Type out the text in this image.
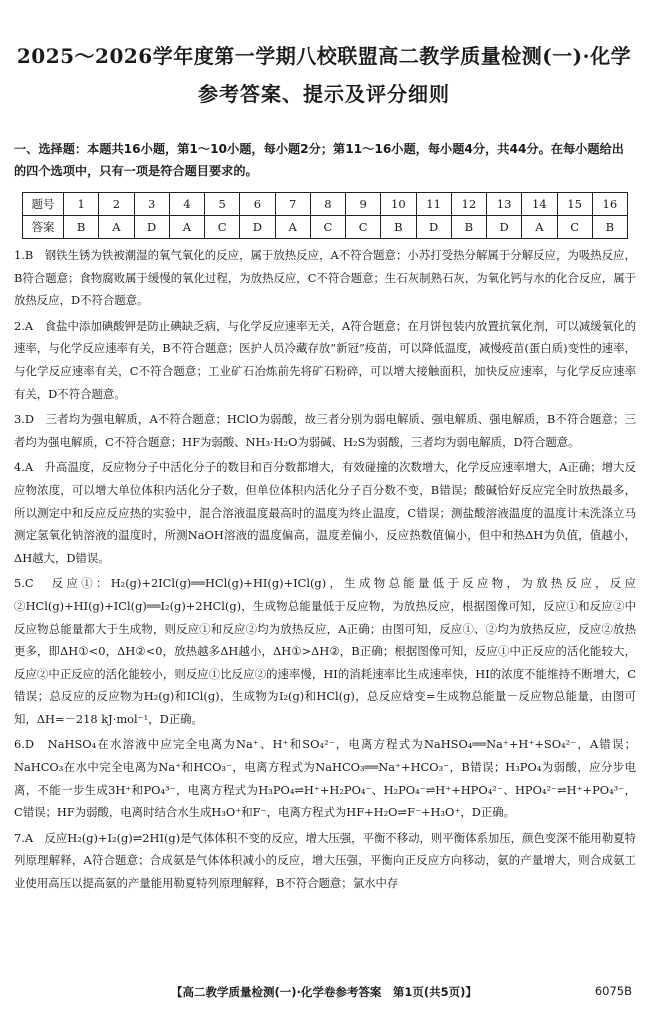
2025～2026学年度第一学期八校联盟高二教学质量检测(一)·化学
参考答案、提示及评分细则
一、选择题：本题共16小题，第1～10小题，每小题2分；第11～16小题，每小题4分，共44分。在每小题给出的四个选项中，只有一项是符合题目要求的。
题号	1	2	3	4	5	6	7	8	9	10	11	12	13	14	15	16
答案	B	A	D	A	C	D	A	C	C	B	D	B	D	A	C	B

1.B　钢铁生锈为铁被潮湿的氧气氧化的反应，属于放热反应，A不符合题意；小苏打受热分解属于分解反应，为吸热反应，B符合题意；食物腐败属于缓慢的氧化过程，为放热反应，C不符合题意；生石灰制熟石灰，为氧化钙与水的化合反应，属于放热反应，D不符合题意。

2.A　食盐中添加碘酸钾是防止碘缺乏病，与化学反应速率无关，A符合题意；在月饼包装内放置抗氧化剂，可以减缓氧化的速率，与化学反应速率有关，B不符合题意；医护人员冷藏存放“新冠”疫苗，可以降低温度，减慢疫苗(蛋白质)变性的速率，与化学反应速率有关，C不符合题意；工业矿石冶炼前先将矿石粉碎，可以增大接触面积，加快反应速率，与化学反应速率有关，D不符合题意。

3.D　三者均为强电解质，A不符合题意；HClO为弱酸，故三者分别为弱电解质、强电解质、强电解质，B不符合题意；三者均为强电解质，C不符合题意；HF为弱酸、NH₃·H₂O为弱碱、H₂S为弱酸，三者均为弱电解质，D符合题意。

4.A　升高温度，反应物分子中活化分子的数目和百分数都增大，有效碰撞的次数增大，化学反应速率增大，A正确；增大反应物浓度，可以增大单位体积内活化分子数，但单位体积内活化分子百分数不变，B错误；酸碱恰好反应完全时放热最多，所以测定中和反应反应热的实验中，混合溶液温度最高时的温度为终止温度，C错误；测盐酸溶液温度的温度计未洗涤立马测定氢氧化钠溶液的温度时，所测NaOH溶液的温度偏高，温度差偏小，反应热数值偏小，但中和热ΔH为负值，值越小，ΔH越大，D错误。

5.C　反应①：H₂(g)+2ICl(g)══HCl(g)+HI(g)+ICl(g)，生成物总能量低于反应物，为放热反应，反应②HCl(g)+HI(g)+ICl(g)══I₂(g)+2HCl(g)，生成物总能量低于反应物，为放热反应，根据图像可知，反应①和反应②中反应物总能量都大于生成物，则反应①和反应②均为放热反应，A正确；由图可知，反应①、②均为放热反应，反应②放热更多，即ΔH①<0，ΔH②<0，放热越多ΔH越小，ΔH①>ΔH②，B正确；根据图像可知，反应①中正反应的活化能较大，反应②中正反应的活化能较小，则反应①比反应②的速率慢，HI的消耗速率比生成速率快，HI的浓度不能维持不断增大，C错误；总反应的反应物为H₂(g)和ICl(g)，生成物为I₂(g)和HCl(g)，总反应焓变=生成物总能量－反应物总能量，由图可知，ΔH=－218 kJ·mol⁻¹，D正确。

6.D　NaHSO₄在水溶液中应完全电离为Na⁺、H⁺和SO₄²⁻，电离方程式为NaHSO₄══Na⁺+H⁺+SO₄²⁻，A错误；NaHCO₃在水中完全电离为Na⁺和HCO₃⁻，电离方程式为NaHCO₃══Na⁺+HCO₃⁻，B错误；H₃PO₄为弱酸，应分步电离，不能一步生成3H⁺和PO₄³⁻，电离方程式为H₃PO₄⇌H⁺+H₂PO₄⁻、H₂PO₄⁻⇌H⁺+HPO₄²⁻、HPO₄²⁻⇌H⁺+PO₄³⁻，C错误；HF为弱酸，电离时结合水生成H₃O⁺和F⁻，电离方程式为HF+H₂O⇌F⁻+H₃O⁺，D正确。

7.A　反应H₂(g)+I₂(g)⇌2HI(g)是气体体积不变的反应，增大压强，平衡不移动，则平衡体系加压，颜色变深不能用勒夏特列原理解释，A符合题意；合成氨是气体体积减小的反应，增大压强，平衡向正反应方向移动，氨的产量增大，则合成氨工业使用高压以提高氨的产量能用勒夏特列原理解释，B不符合题意；氯水中存

【高二教学质量检测(一)·化学卷参考答案　第1页(共5页)】	6075B
